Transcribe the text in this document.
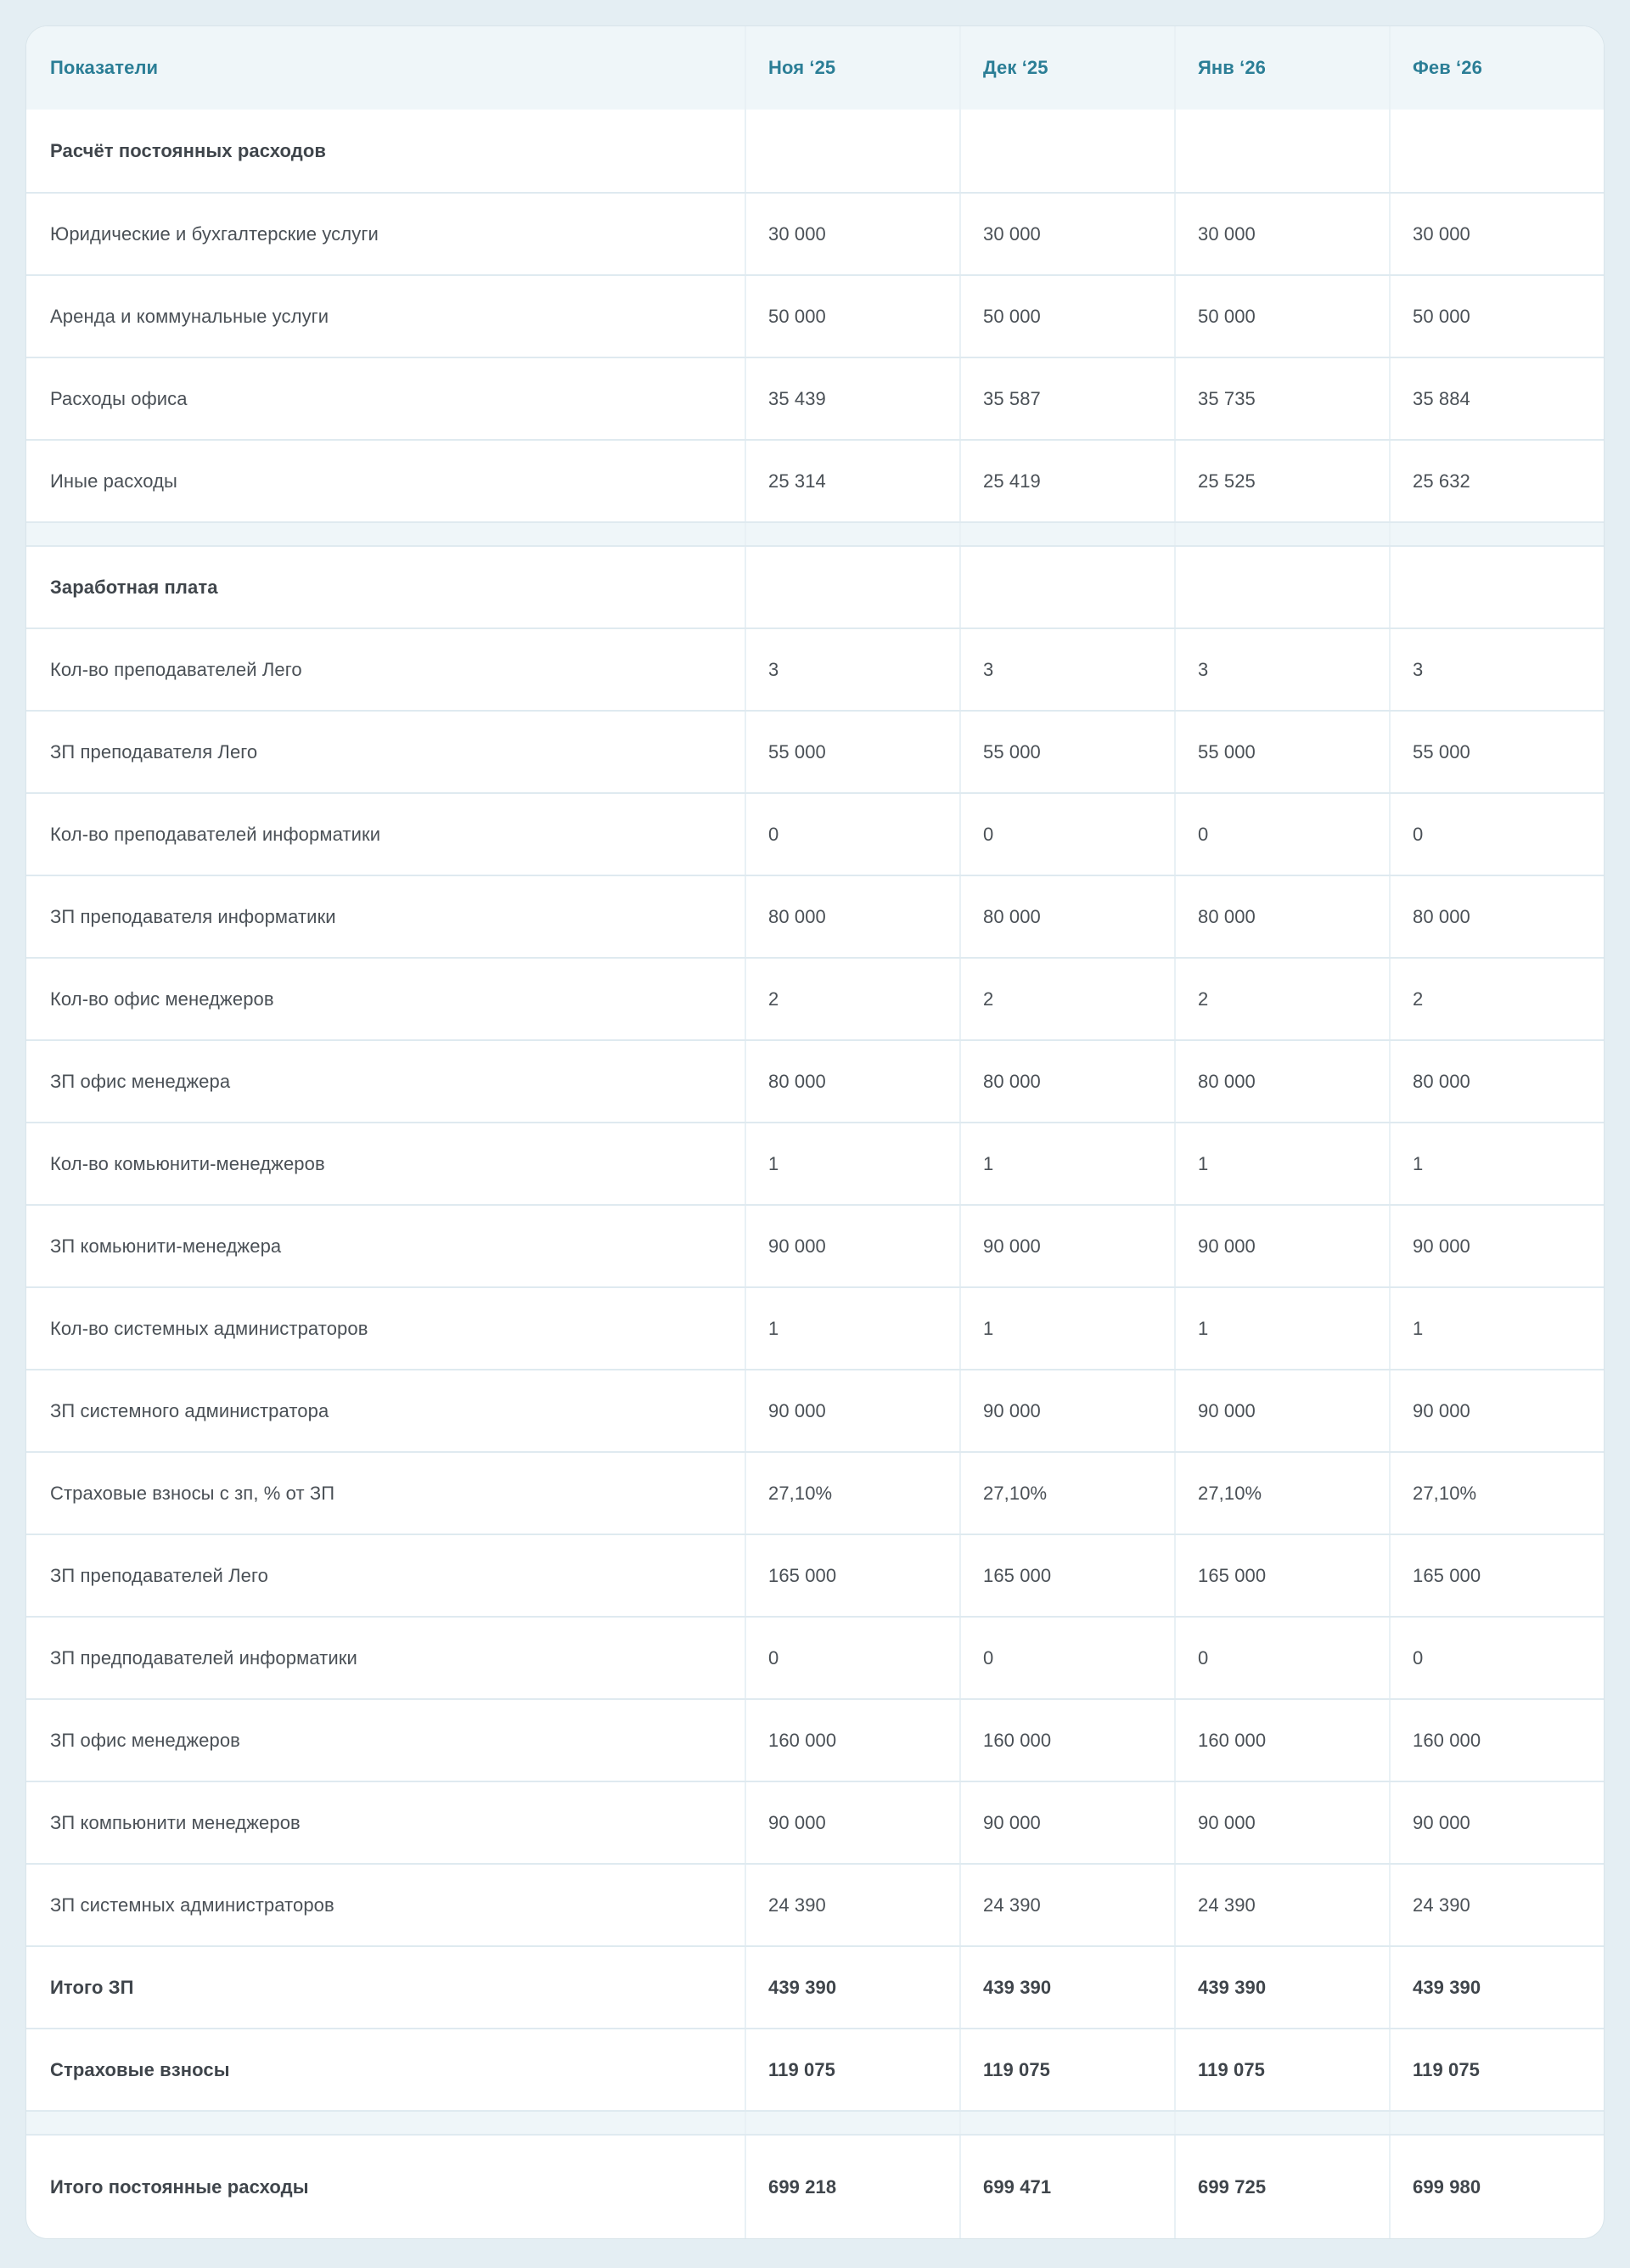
Показатели	Ноя ‘25	Дек ‘25	Янв ‘26	Фев ‘26
Расчёт постоянных расходов
Юридические и бухгалтерские услуги	30 000	30 000	30 000	30 000
Аренда и коммунальные услуги	50 000	50 000	50 000	50 000
Расходы офиса	35 439	35 587	35 735	35 884
Иные расходы	25 314	25 419	25 525	25 632
Заработная плата
Кол-во преподавателей Лего	3	3	3	3
ЗП преподавателя Лего	55 000	55 000	55 000	55 000
Кол-во преподавателей информатики	0	0	0	0
ЗП преподавателя информатики	80 000	80 000	80 000	80 000
Кол-во офис менеджеров	2	2	2	2
ЗП офис менеджера	80 000	80 000	80 000	80 000
Кол-во комьюнити-менеджеров	1	1	1	1
ЗП комьюнити-менеджера	90 000	90 000	90 000	90 000
Кол-во системных администраторов	1	1	1	1
ЗП системного администратора	90 000	90 000	90 000	90 000
Страховые взносы с зп, % от ЗП	27,10%	27,10%	27,10%	27,10%
ЗП преподавателей Лего	165 000	165 000	165 000	165 000
ЗП предподавателей информатики	0	0	0	0
ЗП офис менеджеров	160 000	160 000	160 000	160 000
ЗП компьюнити менеджеров	90 000	90 000	90 000	90 000
ЗП системных администраторов	24 390	24 390	24 390	24 390
Итого ЗП	439 390	439 390	439 390	439 390
Страховые взносы	119 075	119 075	119 075	119 075
Итого постоянные расходы	699 218	699 471	699 725	699 980
